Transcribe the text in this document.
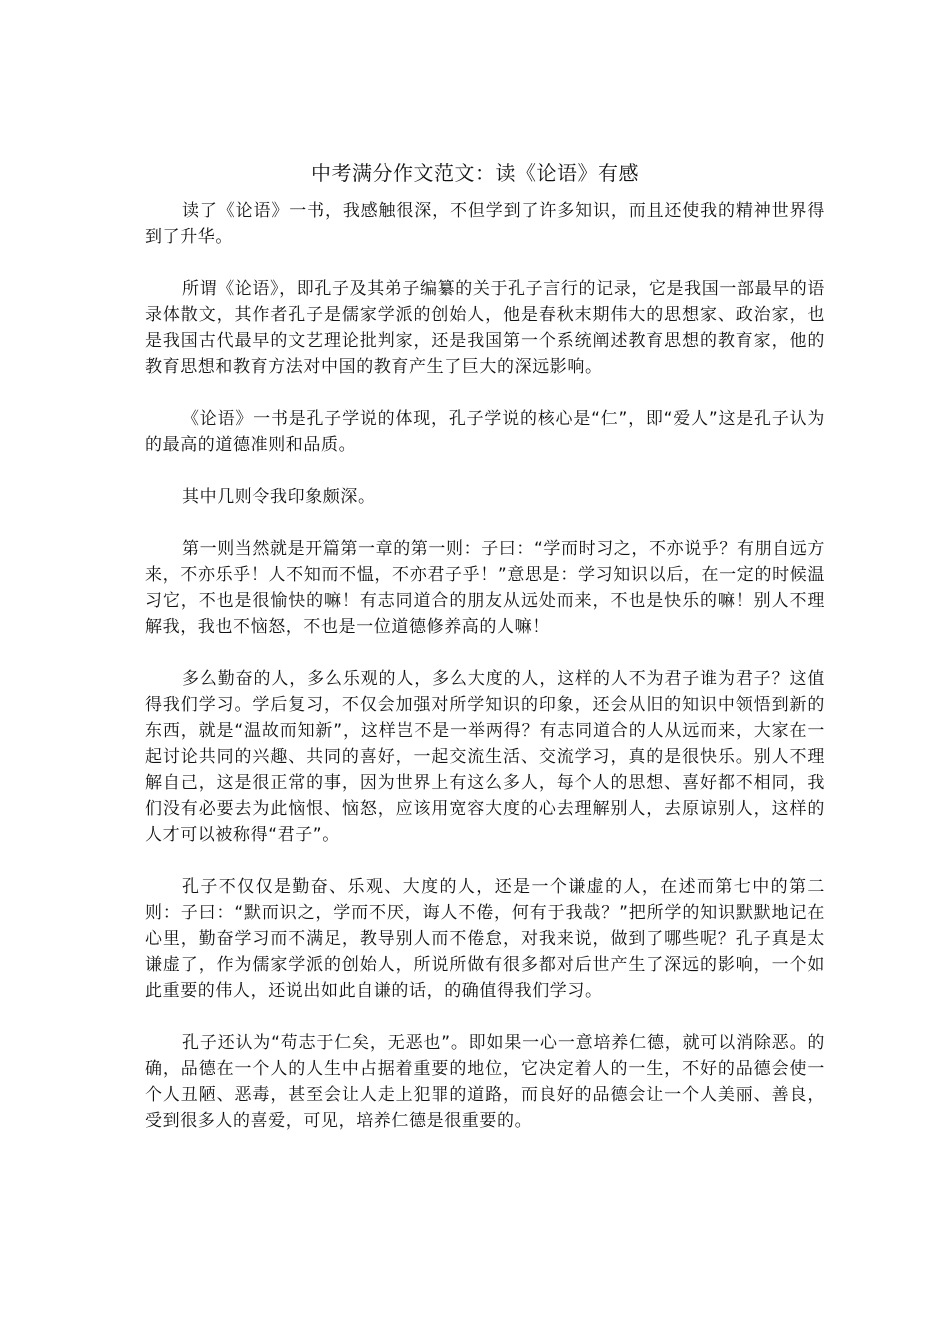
中考满分作文范文：读《论语》有感

读了《论语》一书，我感触很深，不但学到了许多知识，而且还使我的精神世界得到了升华。

所谓《论语》，即孔子及其弟子编纂的关于孔子言行的记录，它是我国一部最早的语录体散文，其作者孔子是儒家学派的创始人，他是春秋末期伟大的思想家、政治家，也是我国古代最早的文艺理论批判家，还是我国第一个系统阐述教育思想的教育家，他的教育思想和教育方法对中国的教育产生了巨大的深远影响。

《论语》一书是孔子学说的体现，孔子学说的核心是“仁”，即“爱人”这是孔子认为的最高的道德准则和品质。

其中几则令我印象颇深。

第一则当然就是开篇第一章的第一则：子曰：“学而时习之，不亦说乎？有朋自远方来，不亦乐乎！人不知而不愠，不亦君子乎！”意思是：学习知识以后，在一定的时候温习它，不也是很愉快的嘛！有志同道合的朋友从远处而来，不也是快乐的嘛！别人不理解我，我也不恼怒，不也是一位道德修养高的人嘛！

多么勤奋的人，多么乐观的人，多么大度的人，这样的人不为君子谁为君子？这值得我们学习。学后复习，不仅会加强对所学知识的印象，还会从旧的知识中领悟到新的东西，就是“温故而知新”，这样岂不是一举两得？有志同道合的人从远而来，大家在一起讨论共同的兴趣、共同的喜好，一起交流生活、交流学习，真的是很快乐。别人不理解自己，这是很正常的事，因为世界上有这么多人，每个人的思想、喜好都不相同，我们没有必要去为此恼恨、恼怒，应该用宽容大度的心去理解别人，去原谅别人，这样的人才可以被称得“君子”。

孔子不仅仅是勤奋、乐观、大度的人，还是一个谦虚的人，在述而第七中的第二则：子曰：“默而识之，学而不厌，诲人不倦，何有于我哉？”把所学的知识默默地记在心里，勤奋学习而不满足，教导别人而不倦怠，对我来说，做到了哪些呢？孔子真是太谦虚了，作为儒家学派的创始人，所说所做有很多都对后世产生了深远的影响，一个如此重要的伟人，还说出如此自谦的话，的确值得我们学习。

孔子还认为“苟志于仁矣，无恶也”。即如果一心一意培养仁德，就可以消除恶。的确，品德在一个人的人生中占据着重要的地位，它决定着人的一生，不好的品德会使一个人丑陋、恶毒，甚至会让人走上犯罪的道路，而良好的品德会让一个人美丽、善良，受到很多人的喜爱，可见，培养仁德是很重要的。
